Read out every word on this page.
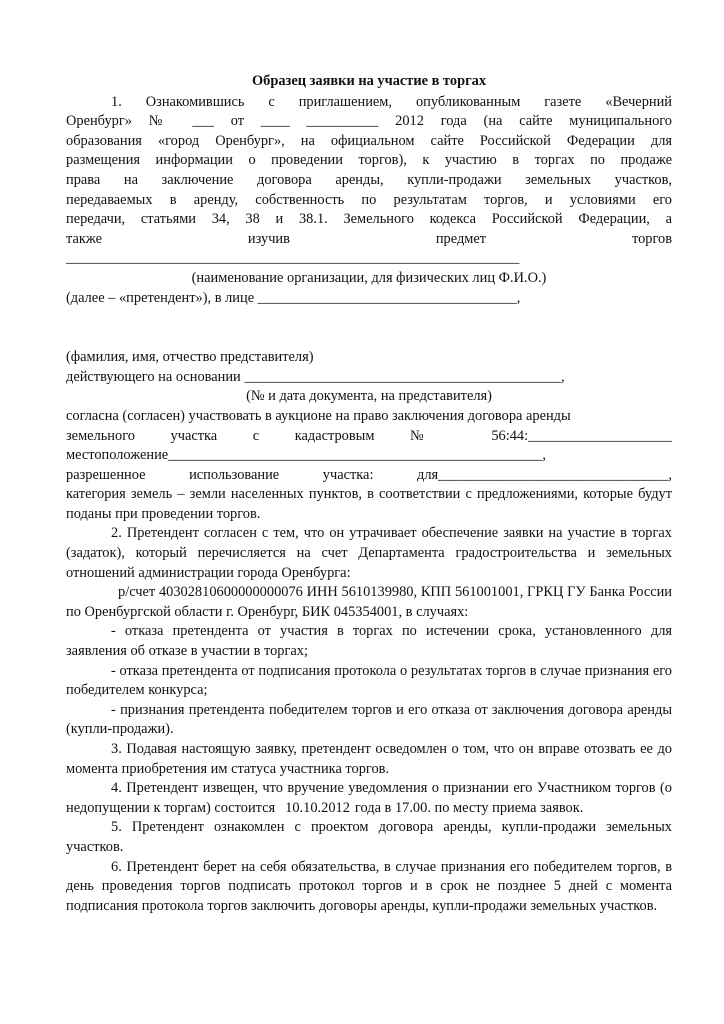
Образец заявки на участие в торгах

1. Ознакомившись с приглашением, опубликованным газете «Вечерний

Оренбург» № ___ от ____ __________ 2012 года (на сайте муниципального

образования «город Оренбург», на официальном сайте Российской Федерации для

размещения информации о проведении торгов), к участию в торгах по продаже

права на заключение договора аренды, купли-продажи земельных участков,

передаваемых в аренду, собственность по результатам торгов, и условиями его

передачи, статьями 34, 38 и 38.1. Земельного кодекса Российской Федерации, а

также изучив предмет торгов

_______________________________________________________________

(наименование организации, для физических лиц Ф.И.О.)

(далее – «претендент»), в лице ____________________________________,

(фамилия, имя, отчество представителя)

действующего на основании ____________________________________________,

(№ и дата документа, на представителя)

согласна (согласен) участвовать в аукционе на право заключения договора аренды

земельного участка с кадастровым № 56:44:____________________

местоположение____________________________________________________,

разрешенное использование участка: для________________________________,

категория земель – земли населенных пунктов, в соответствии с предложениями, которые будут поданы при проведении торгов.

2. Претендент согласен с тем, что он утрачивает обеспечение заявки на участие в торгах (задаток), который перечисляется на счет Департамента градостроительства и земельных отношений администрации города Оренбурга:

р/счет 40302810600000000076 ИНН 5610139980, КПП 561001001, ГРКЦ ГУ Банка России по Оренбургской области г. Оренбург, БИК 045354001, в случаях:

- отказа претендента от участия в торгах по истечении срока, установленного для заявления об отказе в участии в торгах;

- отказа претендента от подписания протокола о результатах торгов в случае признания его победителем конкурса;

- признания претендента победителем торгов и его отказа от заключения договора аренды (купли-продажи).

3. Подавая настоящую заявку, претендент осведомлен о том, что он вправе отозвать ее до момента приобретения им статуса участника торгов.

4. Претендент извещен, что вручение уведомления о признании его Участником торгов (о недопущении к торгам) состоится 10.10.2012 года в 17.00. по месту приема заявок.

5. Претендент ознакомлен с проектом договора аренды, купли-продажи земельных участков.

6. Претендент берет на себя обязательства, в случае признания его победителем торгов, в день проведения торгов подписать протокол торгов и в срок не позднее 5 дней с момента подписания протокола торгов заключить договоры аренды, купли-продажи земельных участков.
